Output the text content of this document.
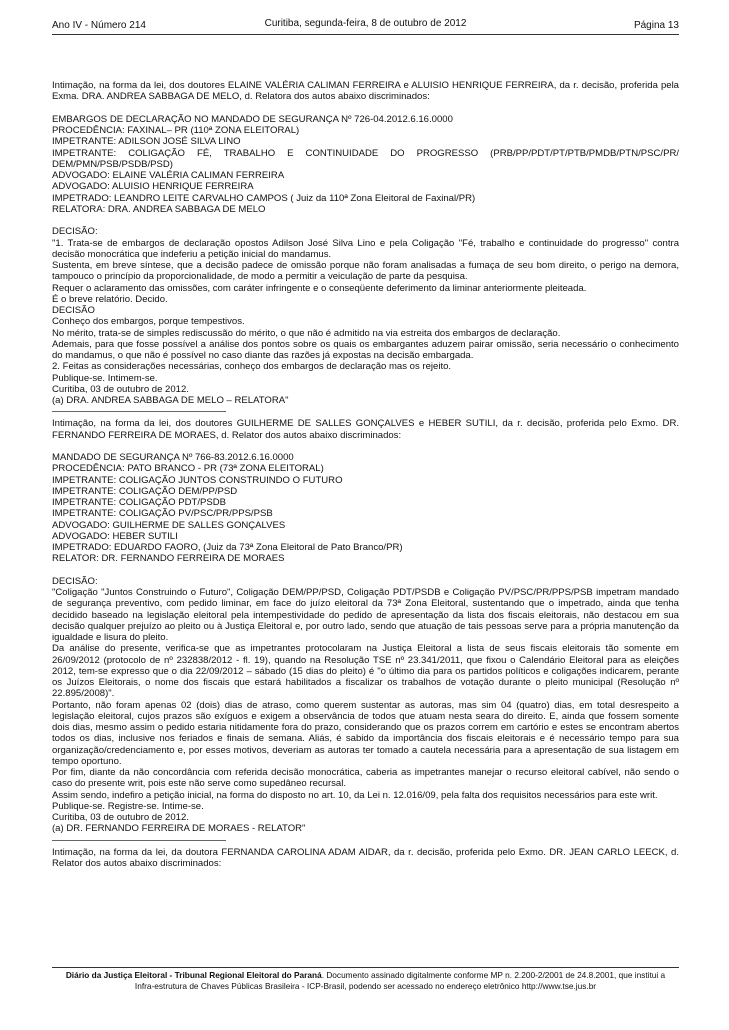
Ano IV - Número 214	Curitiba, segunda-feira, 8 de outubro de 2012	Página 13

Intimação, na forma da lei, dos doutores ELAINE VALÉRIA CALIMAN FERREIRA e ALUISIO HENRIQUE FERREIRA, da r. decisão, proferida pela Exma. DRA. ANDREA SABBAGA DE MELO, d. Relatora dos autos abaixo discriminados:

EMBARGOS DE DECLARAÇÃO NO MANDADO DE SEGURANÇA Nº 726-04.2012.6.16.0000

PROCEDÊNCIA: FAXINAL– PR (110ª ZONA ELEITORAL)

IMPETRANTE: ADILSON JOSÉ SILVA LINO

IMPETRANTE: COLIGAÇÃO FÉ, TRABALHO E CONTINUIDADE DO PROGRESSO (PRB/PP/PDT/PT/PTB/PMDB/PTN/PSC/PR/ DEM/PMN/PSB/PSDB/PSD)

ADVOGADO: ELAINE VALÉRIA CALIMAN FERREIRA

ADVOGADO: ALUISIO HENRIQUE FERREIRA

IMPETRADO: LEANDRO LEITE CARVALHO CAMPOS ( Juiz da 110ª Zona Eleitoral de Faxinal/PR)

RELATORA: DRA. ANDREA SABBAGA DE MELO

DECISÃO:

"1. Trata-se de embargos de declaração opostos Adilson José Silva Lino e pela Coligação "Fé, trabalho e continuidade do progresso" contra decisão monocrática que indeferiu a petição inicial do mandamus.

Sustenta, em breve síntese, que a decisão padece de omissão porque não foram analisadas a fumaça de seu bom direito, o perigo na demora, tampouco o princípio da proporcionalidade, de modo a permitir a veiculação de parte da pesquisa.

Requer o aclaramento das omissões, com caráter infringente e o conseqüente deferimento da liminar anteriormente pleiteada.

É o breve relatório. Decido.

DECISÃO

Conheço dos embargos, porque tempestivos.

No mérito, trata-se de simples rediscussão do mérito, o que não é admitido na via estreita dos embargos de declaração.

Ademais, para que fosse possível a análise dos pontos sobre os quais os embargantes aduzem pairar omissão, seria necessário o conhecimento do mandamus, o que não é possível no caso diante das razões já expostas na decisão embargada.

2. Feitas as considerações necessárias, conheço dos embargos de declaração mas os rejeito.

Publique-se. Intimem-se.

Curitiba, 03 de outubro de 2012.

(a) DRA. ANDREA SABBAGA DE MELO – RELATORA"

Intimação, na forma da lei, dos doutores GUILHERME DE SALLES GONÇALVES e HEBER SUTILI, da r. decisão, proferida pelo Exmo. DR. FERNANDO FERREIRA DE MORAES, d. Relator dos autos abaixo discriminados:

MANDADO DE SEGURANÇA Nº 766-83.2012.6.16.0000

PROCEDÊNCIA: PATO BRANCO - PR (73ª ZONA ELEITORAL)

IMPETRANTE: COLIGAÇÃO JUNTOS CONSTRUINDO O FUTURO

IMPETRANTE: COLIGAÇÃO DEM/PP/PSD

IMPETRANTE: COLIGAÇÃO PDT/PSDB

IMPETRANTE: COLIGAÇÃO PV/PSC/PR/PPS/PSB

ADVOGADO: GUILHERME DE SALLES GONÇALVES

ADVOGADO: HEBER SUTILI

IMPETRADO: EDUARDO FAORO, (Juiz da 73ª Zona Eleitoral de Pato Branco/PR)

RELATOR: DR. FERNANDO FERREIRA DE MORAES

DECISÃO:

"Coligação "Juntos Construindo o Futuro", Coligação DEM/PP/PSD, Coligação PDT/PSDB e Coligação PV/PSC/PR/PPS/PSB impetram mandado de segurança preventivo, com pedido liminar, em face do juízo eleitoral da 73ª Zona Eleitoral, sustentando que o impetrado, ainda que tenha decidido baseado na legislação eleitoral pela intempestividade do pedido de apresentação da lista dos fiscais eleitorais, não destacou em sua decisão qualquer prejuízo ao pleito ou à Justiça Eleitoral e, por outro lado, sendo que atuação de tais pessoas serve para a própria manutenção da igualdade e lisura do pleito.

Da análise do presente, verifica-se que as impetrantes protocolaram na Justiça Eleitoral a lista de seus fiscais eleitorais tão somente em 26/09/2012 (protocolo de nº 232838/2012 - fl. 19), quando na Resolução TSE nº 23.341/2011, que fixou o Calendário Eleitoral para as eleições 2012, tem-se expresso que o dia 22/09/2012 – sábado (15 dias do pleito) é "o último dia para os partidos políticos e coligações indicarem, perante os Juízos Eleitorais, o nome dos fiscais que estará habilitados a fiscalizar os trabalhos de votação durante o pleito municipal (Resolução nº 22.895/2008)".

Portanto, não foram apenas 02 (dois) dias de atraso, como querem sustentar as autoras, mas sim 04 (quatro) dias, em total desrespeito a legislação eleitoral, cujos prazos são exíguos e exigem a observância de todos que atuam nesta seara do direito. E, ainda que fossem somente dois dias, mesmo assim o pedido estaria nitidamente fora do prazo, considerando que os prazos correm em cartório e estes se encontram abertos todos os dias, inclusive nos feriados e finais de semana. Aliás, é sabido da importância dos fiscais eleitorais e é necessário tempo para sua organização/credenciamento e, por esses motivos, deveriam as autoras ter tomado a cautela necessária para a apresentação de sua listagem em tempo oportuno.

Por fim, diante da não concordância com referida decisão monocrática, caberia as impetrantes manejar o recurso eleitoral cabível, não sendo o caso do presente writ, pois este não serve como supedâneo recursal.

Assim sendo, indefiro a petição inicial, na forma do disposto no art. 10, da Lei n. 12.016/09, pela falta dos requisitos necessários para este writ.

Publique-se. Registre-se. Intime-se.

Curitiba, 03 de outubro de 2012.

(a) DR. FERNANDO FERREIRA DE MORAES - RELATOR"

Intimação, na forma da lei, da doutora FERNANDA CAROLINA ADAM AIDAR, da r. decisão, proferida pelo Exmo. DR. JEAN CARLO LEECK, d. Relator dos autos abaixo discriminados:

Diário da Justiça Eleitoral - Tribunal Regional Eleitoral do Paraná. Documento assinado digitalmente conforme MP n. 2.200-2/2001 de 24.8.2001, que institui a
Infra-estrutura de Chaves Públicas Brasileira - ICP-Brasil, podendo ser acessado no endereço eletrônico http://www.tse.jus.br
